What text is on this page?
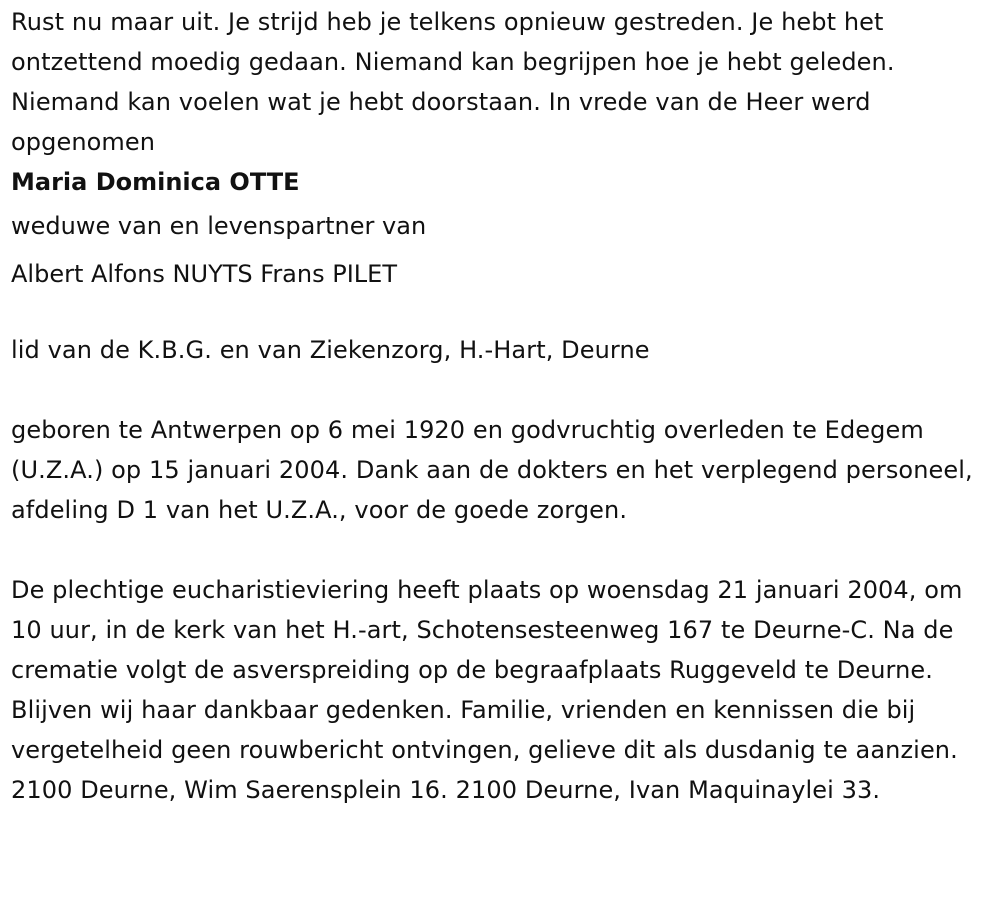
Rust nu maar uit. Je strijd heb je telkens opnieuw gestreden. Je hebt het ontzettend moedig gedaan. Niemand kan begrijpen hoe je hebt geleden. Niemand kan voelen wat je hebt doorstaan. In vrede van de Heer werd opgenomen

Maria Dominica OTTE

weduwe van en levenspartner van
Albert Alfons NUYTS Frans PILET

lid van de K.B.G. en van Ziekenzorg, H.-Hart, Deurne

geboren te Antwerpen op 6 mei 1920 en godvruchtig overleden te Edegem (U.Z.A.) op 15 januari 2004. Dank aan de dokters en het verplegend personeel, afdeling D 1 van het U.Z.A., voor de goede zorgen.

De plechtige eucharistieviering heeft plaats op woensdag 21 januari 2004, om 10 uur, in de kerk van het H.-art, Schotensesteenweg 167 te Deurne-C. Na de crematie volgt de asverspreiding op de begraafplaats Ruggeveld te Deurne. Blijven wij haar dankbaar gedenken. Familie, vrienden en kennissen die bij vergetelheid geen rouwbericht ontvingen, gelieve dit als dusdanig te aanzien. 2100 Deurne, Wim Saerensplein 16. 2100 Deurne, Ivan Maquinaylei 33.
